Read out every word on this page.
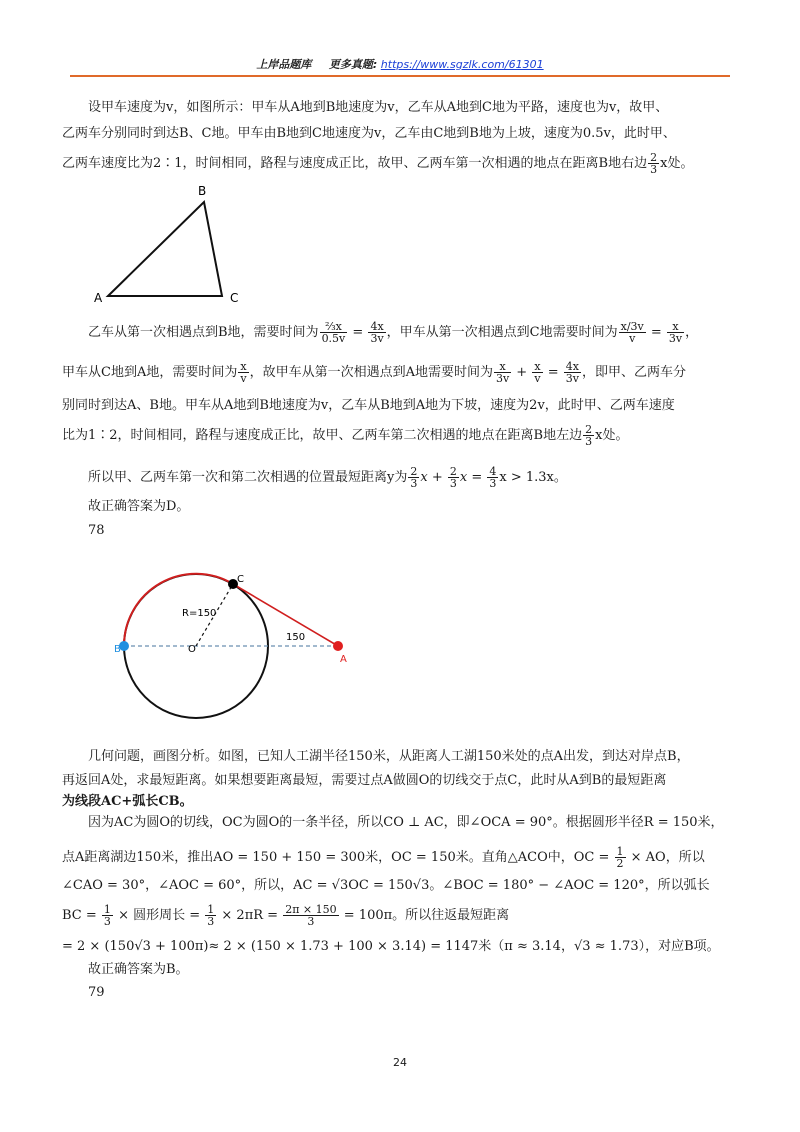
上岸品题库 更多真题: https://www.sgzlk.com/61301
设甲车速度为v，如图所示：甲车从A地到B地速度为v，乙车从A地到C地为平路，速度也为v，故甲、
乙两车分别同时到达B、C地。甲车由B地到C地速度为v，乙车由C地到B地为上坡，速度为0.5v，此时甲、
乙两车速度比为2∶1，时间相同，路程与速度成正比，故甲、乙两车第一次相遇的地点在距离B地右边 $\frac{2}{3}$ x处。
B
A	C
乙车从第一次相遇点到B地，需要时间为 $\frac{\text{⅔x}}{0.5v} = \frac{4x}{3v}$ ，甲车从第一次相遇点到C地需要时间为 $\frac{x/3v}{v} = \frac{x}{3v}$ ，
甲车从C地到A地，需要时间为 $\frac{x}{v}$ ，故甲车从第一次相遇点到A地需要时间为 $\frac{x}{3v} + \frac{x}{v} = \frac{4x}{3v}$ ，即甲、乙两车分
别同时到达A、B地。甲车从A地到B地速度为v，乙车从B地到A地为下坡，速度为2v，此时甲、乙两车速度
比为1∶2，时间相同，路程与速度成正比，故甲、乙两车第二次相遇的地点在距离B地左边 $\frac{2}{3}$ x处。
所以甲、乙两车第一次和第二次相遇的位置最短距离y为 $\frac{2}{3}$ $x + \frac{2}{3}$ $x = \frac{4}{3}$ x > 1.3x。
故正确答案为D。
78
C
B	O
A
R=150
150
几何问题，画图分析。如图，已知人工湖半径150米，从距离人工湖150米处的点A出发，到达对岸点B，
再返回A处，求最短距离。如果想要距离最短，需要过点A做圆O的切线交于点C，此时从A到B的最短距离
为线段AC+弧长CB。
因为AC为圆O的切线，OC为圆O的一条半径，所以CO ⊥ AC，即∠OCA = 90°。根据圆形半径R = 150米，
点A距离湖边150米，推出AO = 150 + 150 = 300米，OC = 150米。直角△ACO中，OC = $\frac{1}{2}$ × AO，所以
∠CAO = 30°，∠AOC = 60°，所以，AC = √3OC = 150√3。∠BOC = 180° − ∠AOC = 120°，所以弧长
BC = $\frac{1}{3}$ × 圆形周长 = $\frac{1}{3} \times 2\pi R = \frac{2\pi \times 150}{3} = 100\pi$。所以往返最短距离
= 2 × (150√3 + 100π)≈ 2 × (150 × 1.73 + 100 × 3.14) = 1147米（π ≈ 3.14，√3 ≈ 1.73），对应B项。
故正确答案为B。
79
24
